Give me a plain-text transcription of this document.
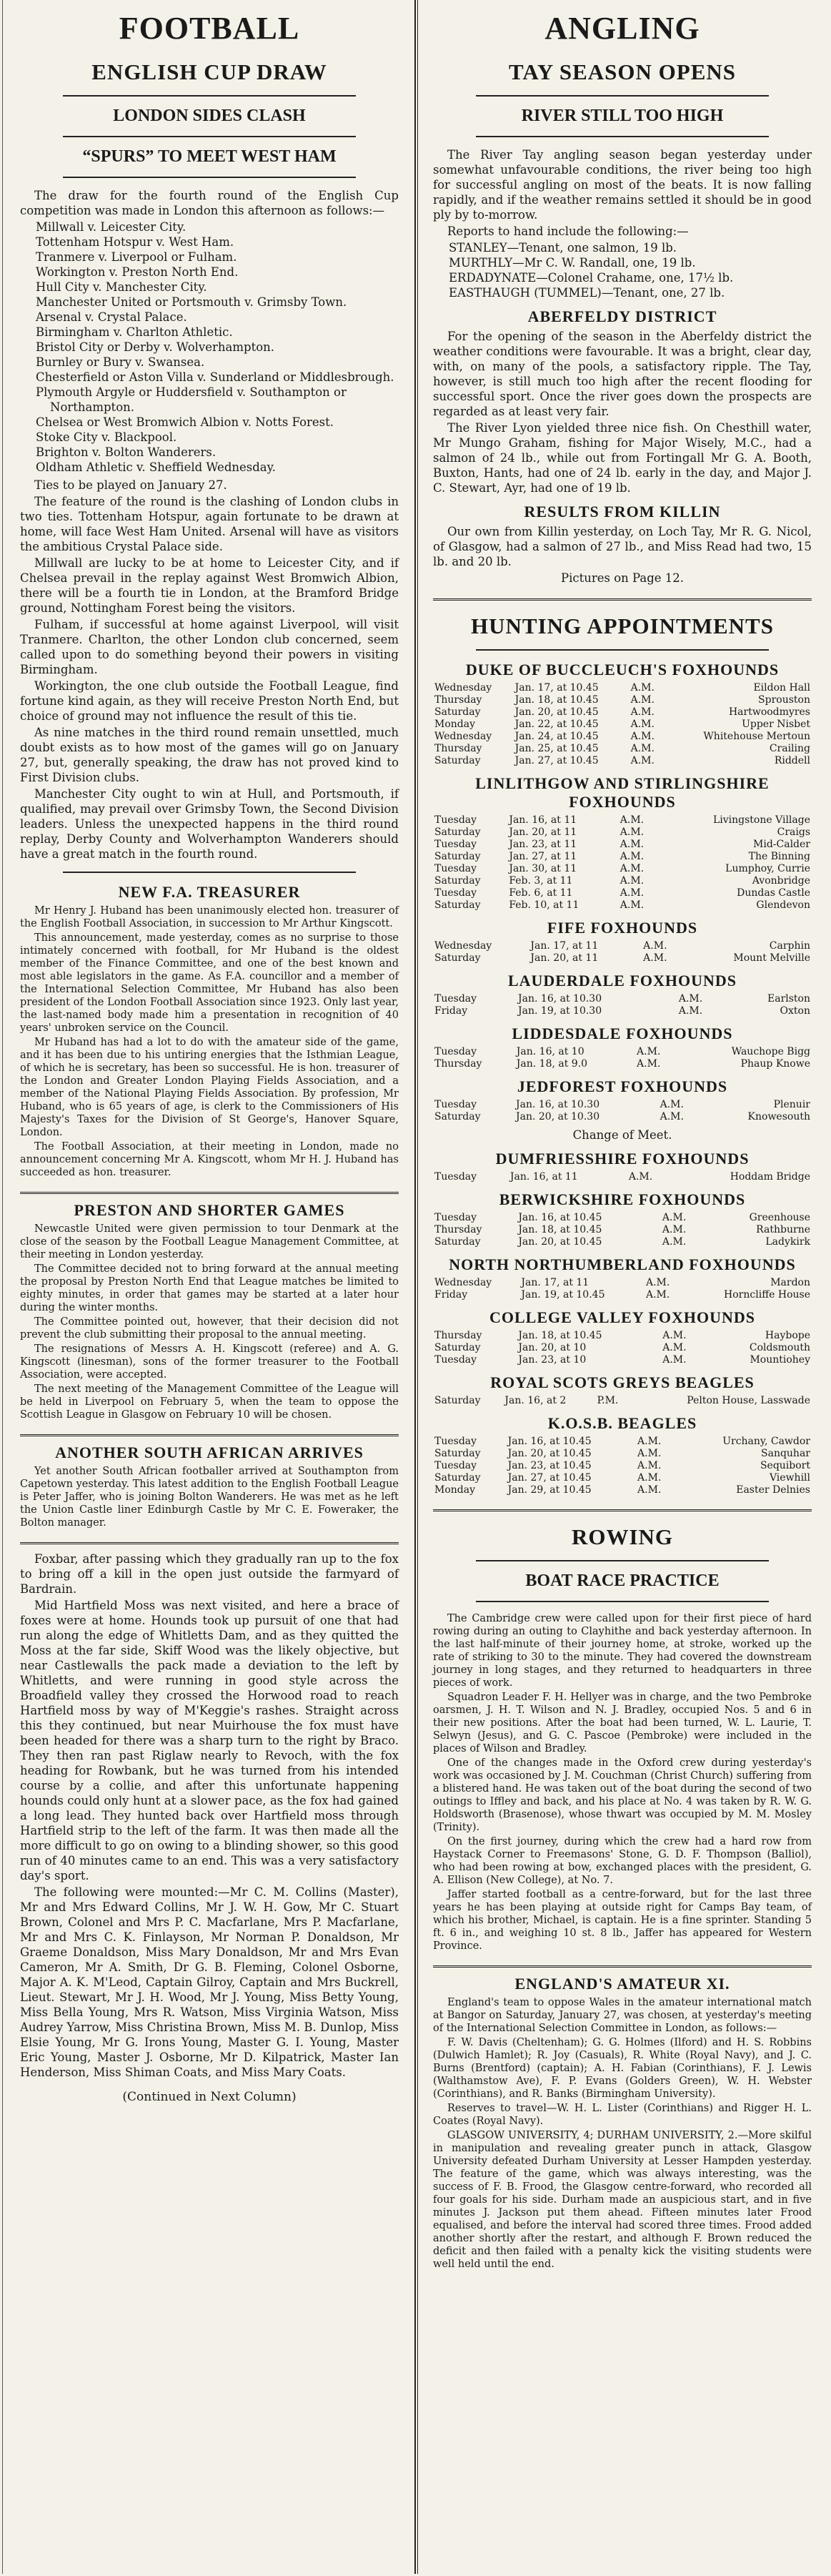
FOOTBALL
ENGLISH CUP DRAW
LONDON SIDES CLASH
“SPURS” TO MEET WEST HAM

The draw for the fourth round of the English Cup competition was made in London this afternoon as follows:—

Millwall v. Leicester City.
Tottenham Hotspur v. West Ham.
Tranmere v. Liverpool or Fulham.
Workington v. Preston North End.
Hull City v. Manchester City.
Manchester United or Portsmouth v. Grimsby Town.
Arsenal v. Crystal Palace.
Birmingham v. Charlton Athletic.
Bristol City or Derby v. Wolverhampton.
Burnley or Bury v. Swansea.
Chesterfield or Aston Villa v. Sunderland or Middlesbrough.
Plymouth Argyle or Huddersfield v. Southampton or Northampton.
Chelsea or West Bromwich Albion v. Notts Forest.
Stoke City v. Blackpool.
Brighton v. Bolton Wanderers.
Oldham Athletic v. Sheffield Wednesday.

Ties to be played on January 27.

The feature of the round is the clashing of London clubs in two ties. Tottenham Hotspur, again fortunate to be drawn at home, will face West Ham United. Arsenal will have as visitors the ambitious Crystal Palace side.

Millwall are lucky to be at home to Leicester City, and if Chelsea prevail in the replay against West Bromwich Albion, there will be a fourth tie in London, at the Bramford Bridge ground, Nottingham Forest being the visitors.

Fulham, if successful at home against Liverpool, will visit Tranmere. Charlton, the other London club concerned, seem called upon to do something beyond their powers in visiting Birmingham.

Workington, the one club outside the Football League, find fortune kind again, as they will receive Preston North End, but choice of ground may not influence the result of this tie.

As nine matches in the third round remain unsettled, much doubt exists as to how most of the games will go on January 27, but, generally speaking, the draw has not proved kind to First Division clubs.

Manchester City ought to win at Hull, and Portsmouth, if qualified, may prevail over Grimsby Town, the Second Division leaders. Unless the unexpected happens in the third round replay, Derby County and Wolverhampton Wanderers should have a great match in the fourth round.

NEW F.A. TREASURER

Mr Henry J. Huband has been unanimously elected hon. treasurer of the English Football Association, in succession to Mr Arthur Kingscott.

This announcement, made yesterday, comes as no surprise to those intimately concerned with football, for Mr Huband is the oldest member of the Finance Committee, and one of the best known and most able legislators in the game. As F.A. councillor and a member of the International Selection Committee, Mr Huband has also been president of the London Football Association since 1923. Only last year, the last-named body made him a presentation in recognition of 40 years' unbroken service on the Council.

Mr Huband has had a lot to do with the amateur side of the game, and it has been due to his untiring energies that the Isthmian League, of which he is secretary, has been so successful. He is hon. treasurer of the London and Greater London Playing Fields Association, and a member of the National Playing Fields Association. By profession, Mr Huband, who is 65 years of age, is clerk to the Commissioners of His Majesty's Taxes for the Division of St George's, Hanover Square, London.

The Football Association, at their meeting in London, made no announcement concerning Mr A. Kingscott, whom Mr H. J. Huband has succeeded as hon. treasurer.

PRESTON AND SHORTER GAMES

Newcastle United were given permission to tour Denmark at the close of the season by the Football League Management Committee, at their meeting in London yesterday.

The Committee decided not to bring forward at the annual meeting the proposal by Preston North End that League matches be limited to eighty minutes, in order that games may be started at a later hour during the winter months.

The Committee pointed out, however, that their decision did not prevent the club submitting their proposal to the annual meeting.

The resignations of Messrs A. H. Kingscott (referee) and A. G. Kingscott (linesman), sons of the former treasurer to the Football Association, were accepted.

The next meeting of the Management Committee of the League will be held in Liverpool on February 5, when the team to oppose the Scottish League in Glasgow on February 10 will be chosen.

ANOTHER SOUTH AFRICAN ARRIVES

Yet another South African footballer arrived at Southampton from Capetown yesterday. This latest addition to the English Football League is Peter Jaffer, who is joining Bolton Wanderers. He was met as he left the Union Castle liner Edinburgh Castle by Mr C. E. Foweraker, the Bolton manager.

Foxbar, after passing which they gradually ran up to the fox to bring off a kill in the open just outside the farmyard of Bardrain.

Mid Hartfield Moss was next visited, and here a brace of foxes were at home. Hounds took up pursuit of one that had run along the edge of Whitletts Dam, and as they quitted the Moss at the far side, Skiff Wood was the likely objective, but near Castlewalls the pack made a deviation to the left by Whitletts, and were running in good style across the Broadfield valley they crossed the Horwood road to reach Hartfield moss by way of M'Keggie's rashes. Straight across this they continued, but near Muirhouse the fox must have been headed for there was a sharp turn to the right by Braco. They then ran past Riglaw nearly to Revoch, with the fox heading for Rowbank, but he was turned from his intended course by a collie, and after this unfortunate happening hounds could only hunt at a slower pace, as the fox had gained a long lead. They hunted back over Hartfield moss through Hartfield strip to the left of the farm. It was then made all the more difficult to go on owing to a blinding shower, so this good run of 40 minutes came to an end. This was a very satisfactory day's sport.

The following were mounted:—Mr C. M. Collins (Master), Mr and Mrs Edward Collins, Mr J. W. H. Gow, Mr C. Stuart Brown, Colonel and Mrs P. C. Macfarlane, Mrs P. Macfarlane, Mr and Mrs C. K. Finlayson, Mr Norman P. Donaldson, Mr Graeme Donaldson, Miss Mary Donaldson, Mr and Mrs Evan Cameron, Mr A. Smith, Dr G. B. Fleming, Colonel Osborne, Major A. K. M'Leod, Captain Gilroy, Captain and Mrs Buckrell, Lieut. Stewart, Mr J. H. Wood, Mr J. Young, Miss Betty Young, Miss Bella Young, Mrs R. Watson, Miss Virginia Watson, Miss Audrey Yarrow, Miss Christina Brown, Miss M. B. Dunlop, Miss Elsie Young, Mr G. Irons Young, Master G. I. Young, Master Eric Young, Master J. Osborne, Mr D. Kilpatrick, Master Ian Henderson, Miss Shiman Coats, and Miss Mary Coats.

(Continued in Next Column)
ANGLING
TAY SEASON OPENS
RIVER STILL TOO HIGH

The River Tay angling season began yesterday under somewhat unfavourable conditions, the river being too high for successful angling on most of the beats. It is now falling rapidly, and if the weather remains settled it should be in good ply by to-morrow.

Reports to hand include the following:—

STANLEY—Tenant, one salmon, 19 lb.
MURTHLY—Mr C. W. Randall, one, 19 lb.
ERDADYNATE—Colonel Crahame, one, 17½ lb.
EASTHAUGH (TUMMEL)—Tenant, one, 27 lb.
ABERFELDY DISTRICT

For the opening of the season in the Aberfeldy district the weather conditions were favourable. It was a bright, clear day, with, on many of the pools, a satisfactory ripple. The Tay, however, is still much too high after the recent flooding for successful sport. Once the river goes down the prospects are regarded as at least very fair.

The River Lyon yielded three nice fish. On Chesthill water, Mr Mungo Graham, fishing for Major Wisely, M.C., had a salmon of 24 lb., while out from Fortingall Mr G. A. Booth, Buxton, Hants, had one of 24 lb. early in the day, and Major J. C. Stewart, Ayr, had one of 19 lb.

RESULTS FROM KILLIN

Our own from Killin yesterday, on Loch Tay, Mr R. G. Nicol, of Glasgow, had a salmon of 27 lb., and Miss Read had two, 15 lb. and 20 lb.

Pictures on Page 12.

HUNTING APPOINTMENTS
DUKE OF BUCCLEUCH'S FOXHOUNDS
Wednesday	Jan. 17, at 10.45	A.M.	Eildon Hall
Thursday	Jan. 18, at 10.45	A.M.	Sprouston
Saturday	Jan. 20, at 10.45	A.M.	Hartwoodmyres
Monday	Jan. 22, at 10.45	A.M.	Upper Nisbet
Wednesday	Jan. 24, at 10.45	A.M.	Whitehouse Mertoun
Thursday	Jan. 25, at 10.45	A.M.	Crailing
Saturday	Jan. 27, at 10.45	A.M.	Riddell
LINLITHGOW AND STIRLINGSHIRE FOXHOUNDS
Tuesday	Jan. 16, at 11	A.M.	Livingstone Village
Saturday	Jan. 20, at 11	A.M.	Craigs
Tuesday	Jan. 23, at 11	A.M.	Mid-Calder
Saturday	Jan. 27, at 11	A.M.	The Binning
Tuesday	Jan. 30, at 11	A.M.	Lumphoy, Currie
Saturday	Feb. 3, at 11	A.M.	Avonbridge
Tuesday	Feb. 6, at 11	A.M.	Dundas Castle
Saturday	Feb. 10, at 11	A.M.	Glendevon
FIFE FOXHOUNDS
Wednesday	Jan. 17, at 11	A.M.	Carphin
Saturday	Jan. 20, at 11	A.M.	Mount Melville
LAUDERDALE FOXHOUNDS
Tuesday	Jan. 16, at 10.30	A.M.	Earlston
Friday	Jan. 19, at 10.30	A.M.	Oxton
LIDDESDALE FOXHOUNDS
Tuesday	Jan. 16, at 10	A.M.	Wauchope Bigg
Thursday	Jan. 18, at 9.0	A.M.	Phaup Knowe
JEDFOREST FOXHOUNDS
Tuesday	Jan. 16, at 10.30	A.M.	Plenuir
Saturday	Jan. 20, at 10.30	A.M.	Knowesouth

Change of Meet.

DUMFRIESSHIRE FOXHOUNDS
Tuesday	Jan. 16, at 11	A.M.	Hoddam Bridge
BERWICKSHIRE FOXHOUNDS
Tuesday	Jan. 16, at 10.45	A.M.	Greenhouse
Thursday	Jan. 18, at 10.45	A.M.	Rathburne
Saturday	Jan. 20, at 10.45	A.M.	Ladykirk
NORTH NORTHUMBERLAND FOXHOUNDS
Wednesday	Jan. 17, at 11	A.M.	Mardon
Friday	Jan. 19, at 10.45	A.M.	Horncliffe House
COLLEGE VALLEY FOXHOUNDS
Thursday	Jan. 18, at 10.45	A.M.	Haybope
Saturday	Jan. 20, at 10	A.M.	Coldsmouth
Tuesday	Jan. 23, at 10	A.M.	Mountiohey
ROYAL SCOTS GREYS BEAGLES
Saturday	Jan. 16, at 2	P.M.	Pelton House, Lasswade
K.O.S.B. BEAGLES
Tuesday	Jan. 16, at 10.45	A.M.	Urchany, Cawdor
Saturday	Jan. 20, at 10.45	A.M.	Sanquhar
Tuesday	Jan. 23, at 10.45	A.M.	Sequibort
Saturday	Jan. 27, at 10.45	A.M.	Viewhill
Monday	Jan. 29, at 10.45	A.M.	Easter Delnies
ROWING
BOAT RACE PRACTICE

The Cambridge crew were called upon for their first piece of hard rowing during an outing to Clayhithe and back yesterday afternoon. In the last half-minute of their journey home, at stroke, worked up the rate of striking to 30 to the minute. They had covered the downstream journey in long stages, and they returned to headquarters in three pieces of work.

Squadron Leader F. H. Hellyer was in charge, and the two Pembroke oarsmen, J. H. T. Wilson and N. J. Bradley, occupied Nos. 5 and 6 in their new positions. After the boat had been turned, W. L. Laurie, T. Selwyn (Jesus), and G. C. Pascoe (Pembroke) were included in the places of Wilson and Bradley.

One of the changes made in the Oxford crew during yesterday's work was occasioned by J. M. Couchman (Christ Church) suffering from a blistered hand. He was taken out of the boat during the second of two outings to Iffley and back, and his place at No. 4 was taken by R. W. G. Holdsworth (Brasenose), whose thwart was occupied by M. M. Mosley (Trinity).

On the first journey, during which the crew had a hard row from Haystack Corner to Freemasons' Stone, G. D. F. Thompson (Balliol), who had been rowing at bow, exchanged places with the president, G. A. Ellison (New College), at No. 7.

Jaffer started football as a centre-forward, but for the last three years he has been playing at outside right for Camps Bay team, of which his brother, Michael, is captain. He is a fine sprinter. Standing 5 ft. 6 in., and weighing 10 st. 8 lb., Jaffer has appeared for Western Province.

ENGLAND'S AMATEUR XI.

England's team to oppose Wales in the amateur international match at Bangor on Saturday, January 27, was chosen, at yesterday's meeting of the International Selection Committee in London, as follows:—

F. W. Davis (Cheltenham); G. G. Holmes (Ilford) and H. S. Robbins (Dulwich Hamlet); R. Joy (Casuals), R. White (Royal Navy), and J. C. Burns (Brentford) (captain); A. H. Fabian (Corinthians), F. J. Lewis (Walthamstow Ave), F. P. Evans (Golders Green), W. H. Webster (Corinthians), and R. Banks (Birmingham University).

Reserves to travel—W. H. L. Lister (Corinthians) and Rigger H. L. Coates (Royal Navy).

GLASGOW UNIVERSITY, 4; DURHAM UNIVERSITY, 2.—More skilful in manipulation and revealing greater punch in attack, Glasgow University defeated Durham University at Lesser Hampden yesterday. The feature of the game, which was always interesting, was the success of F. B. Frood, the Glasgow centre-forward, who recorded all four goals for his side. Durham made an auspicious start, and in five minutes J. Jackson put them ahead. Fifteen minutes later Frood equalised, and before the interval had scored three times. Frood added another shortly after the restart, and although F. Brown reduced the deficit and then failed with a penalty kick the visiting students were well held until the end.
